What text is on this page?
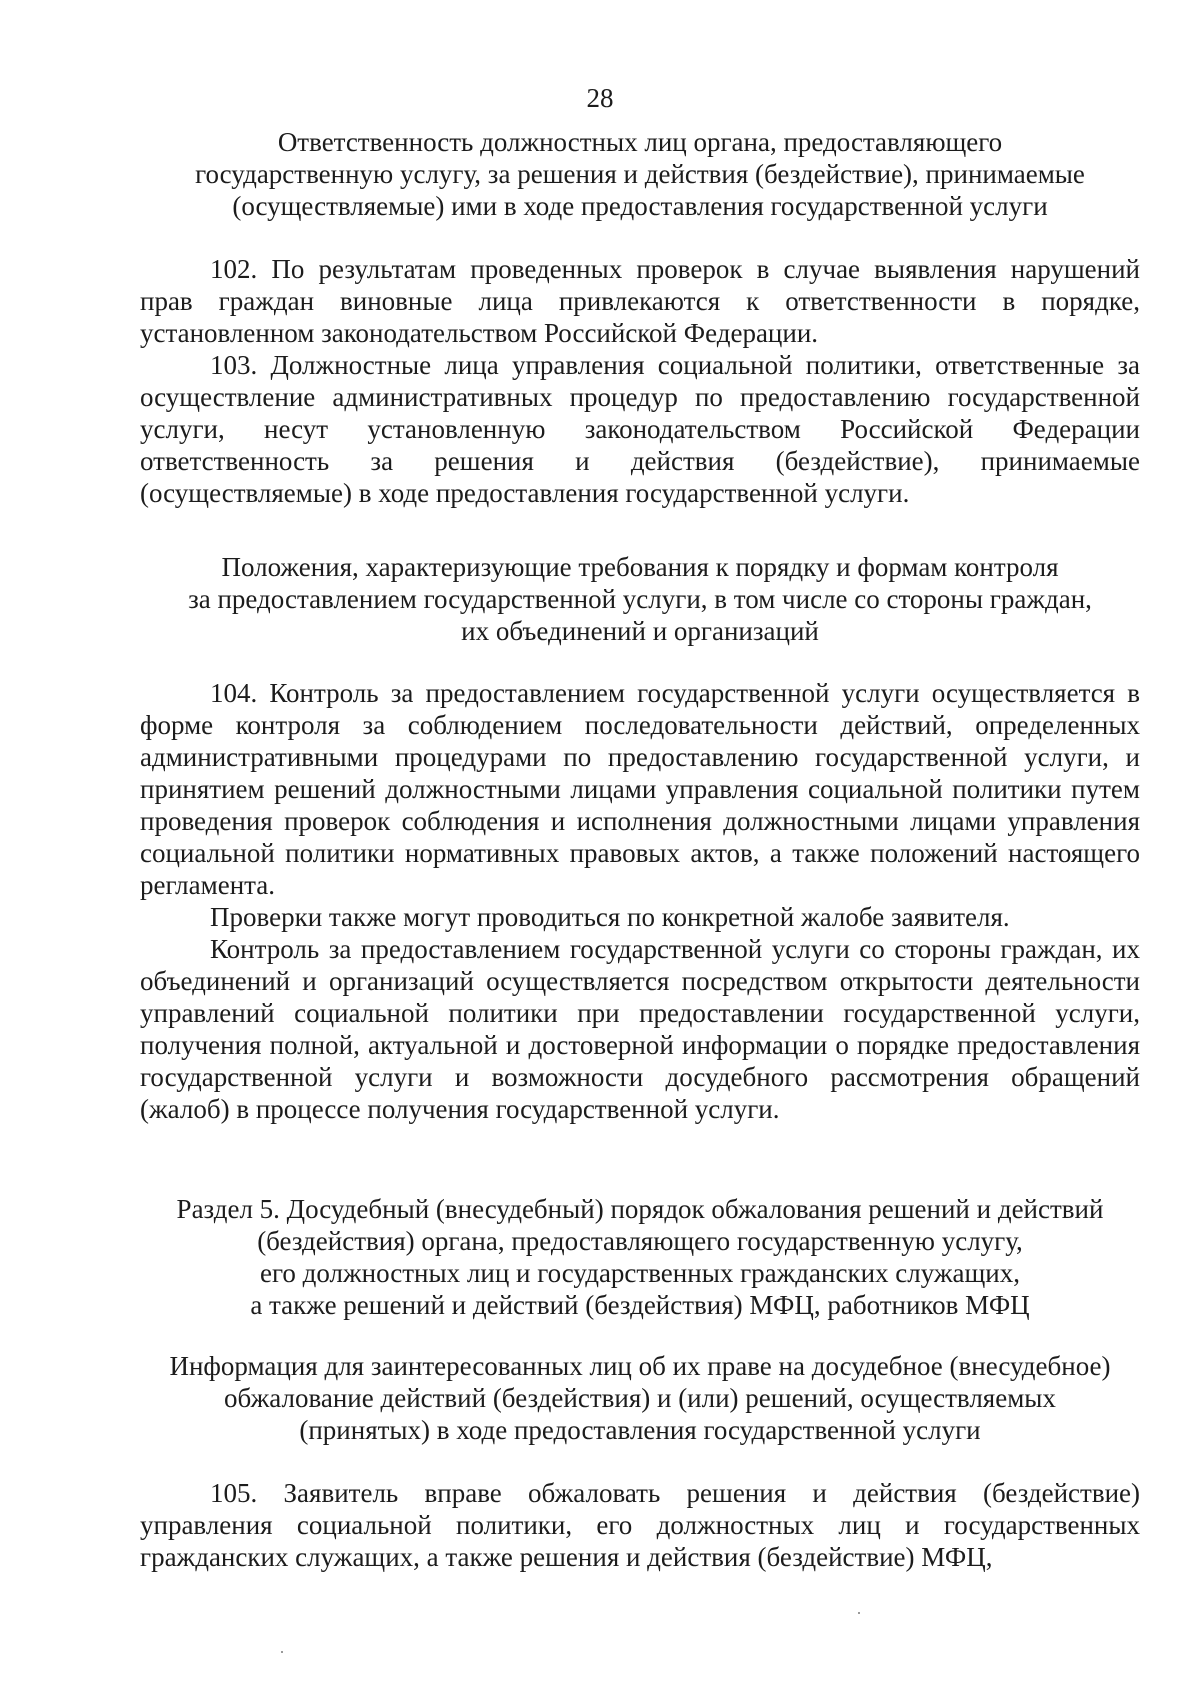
28

Ответственность должностных лиц органа, предоставляющего
государственную услугу, за решения и действия (бездействие), принимаемые
(осуществляемые) ими в ходе предоставления государственной услуги

102. По результатам проведенных проверок в случае выявления нарушений прав граждан виновные лица привлекаются к ответственности в порядке, установленном законодательством Российской Федерации.

103. Должностные лица управления социальной политики, ответственные за осуществление административных процедур по предоставлению государственной услуги, несут установленную законодательством Российской Федерации ответственность за решения и действия (бездействие), принимаемые (осуществляемые) в ходе предоставления государственной услуги.

Положения, характеризующие требования к порядку и формам контроля
за предоставлением государственной услуги, в том числе со стороны граждан,
их объединений и организаций

104. Контроль за предоставлением государственной услуги осуществляется в форме контроля за соблюдением последовательности действий, определенных административными процедурами по предоставлению государственной услуги, и принятием решений должностными лицами управления социальной политики путем проведения проверок соблюдения и исполнения должностными лицами управления социальной политики нормативных правовых актов, а также положений настоящего регламента.

Проверки также могут проводиться по конкретной жалобе заявителя.

Контроль за предоставлением государственной услуги со стороны граждан, их объединений и организаций осуществляется посредством открытости деятельности управлений социальной политики при предоставлении государственной услуги, получения полной, актуальной и достоверной информации о порядке предоставления государственной услуги и возможности досудебного рассмотрения обращений (жалоб) в процессе получения государственной услуги.

Раздел 5. Досудебный (внесудебный) порядок обжалования решений и действий
(бездействия) органа, предоставляющего государственную услугу,
его должностных лиц и государственных гражданских служащих,
а также решений и действий (бездействия) МФЦ, работников МФЦ

Информация для заинтересованных лиц об их праве на досудебное (внесудебное)
обжалование действий (бездействия) и (или) решений, осуществляемых
(принятых) в ходе предоставления государственной услуги

105. Заявитель вправе обжаловать решения и действия (бездействие) управления социальной политики, его должностных лиц и государственных гражданских служащих, а также решения и действия (бездействие) МФЦ,
